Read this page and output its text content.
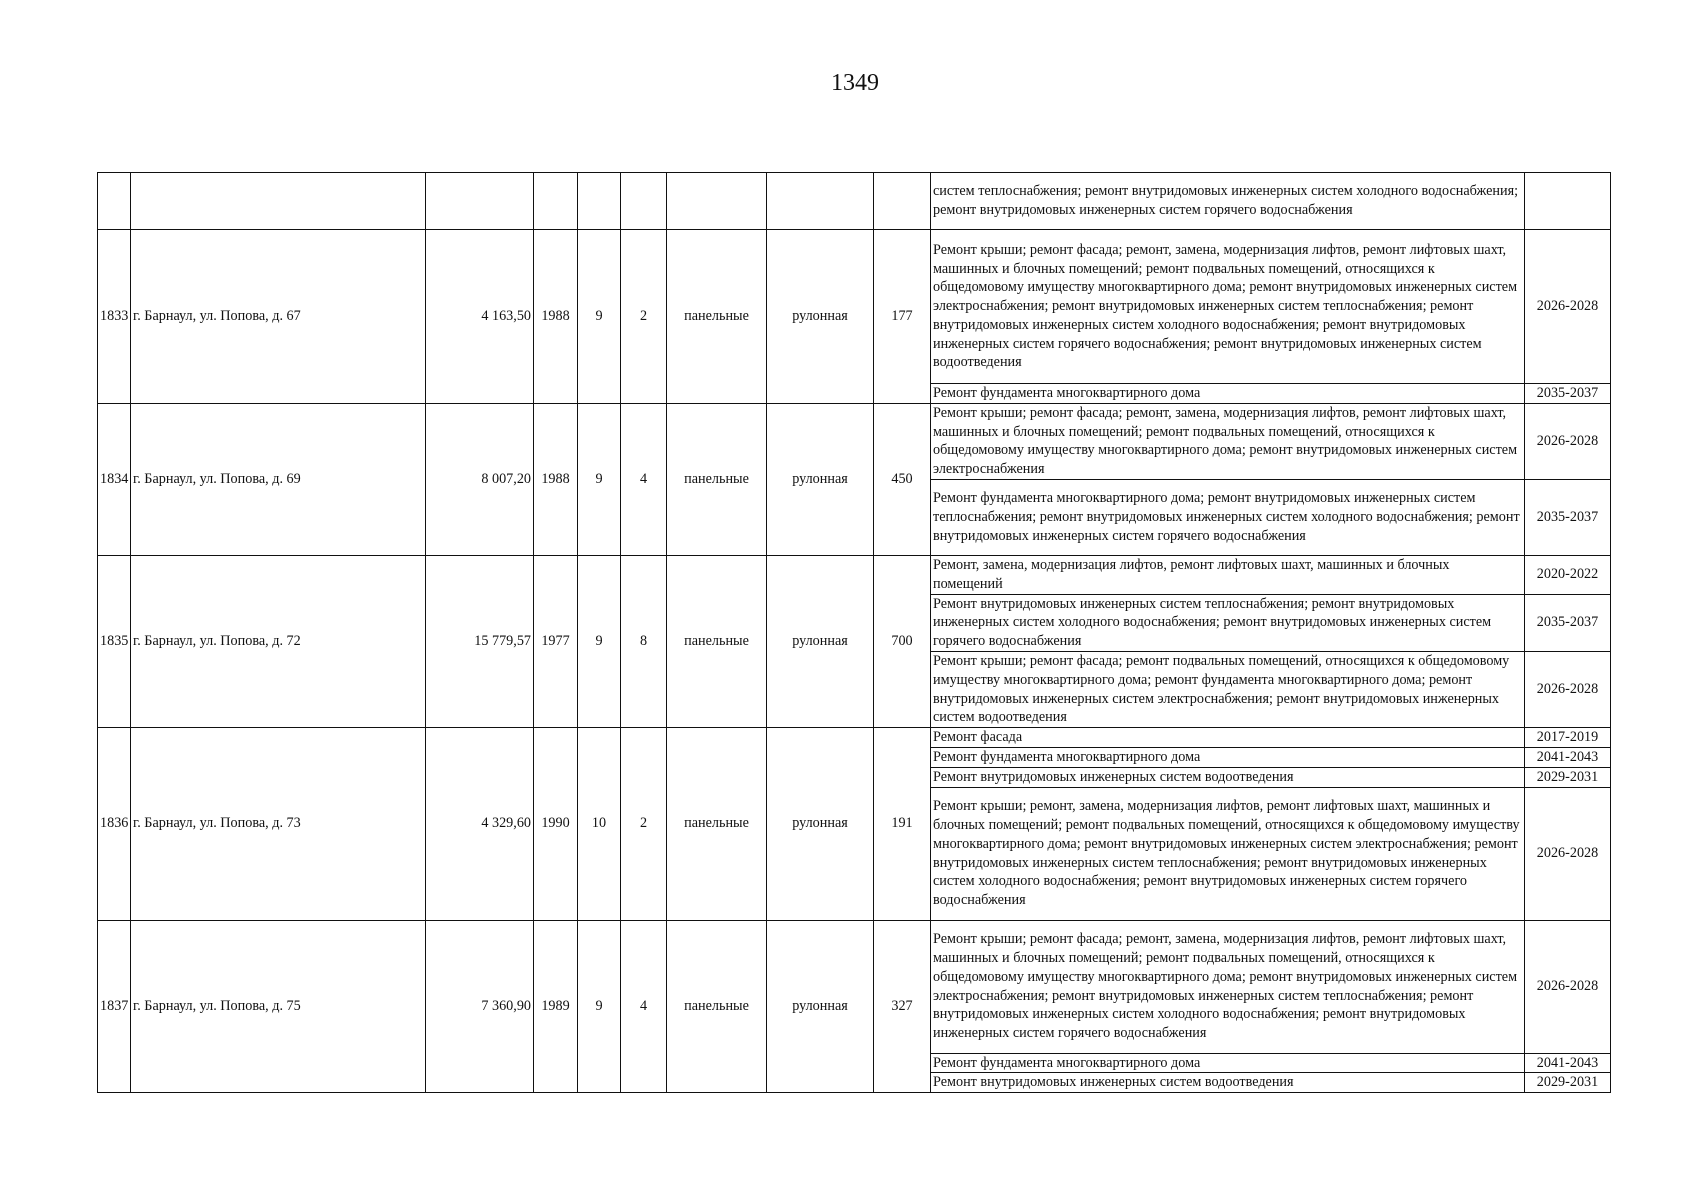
1349
									систем теплоснабжения; ремонт внутридомовых инженерных систем холодного водоснабжения; ремонт внутридомовых инженерных систем горячего водоснабжения	
1833	г. Барнаул, ул. Попова, д. 67	4 163,50	1988	9	2	панельные	рулонная	177	Ремонт крыши; ремонт фасада; ремонт, замена, модернизация лифтов, ремонт лифтовых шахт, машинных и блочных помещений; ремонт подвальных помещений, относящихся к общедомовому имуществу многоквартирного дома; ремонт внутридомовых инженерных систем электроснабжения; ремонт внутридомовых инженерных систем теплоснабжения; ремонт внутридомовых инженерных систем холодного водоснабжения; ремонт внутридомовых инженерных систем горячего водоснабжения; ремонт внутридомовых инженерных систем водоотведения	2026-2028
									Ремонт фундамента многоквартирного дома	2035-2037
1834	г. Барнаул, ул. Попова, д. 69	8 007,20	1988	9	4	панельные	рулонная	450	Ремонт крыши; ремонт фасада; ремонт, замена, модернизация лифтов, ремонт лифтовых шахт, машинных и блочных помещений; ремонт подвальных помещений, относящихся к общедомовому имуществу многоквартирного дома; ремонт внутридомовых инженерных систем электроснабжения	2026-2028
									Ремонт фундамента многоквартирного дома; ремонт внутридомовых инженерных систем теплоснабжения; ремонт внутридомовых инженерных систем холодного водоснабжения; ремонт внутридомовых инженерных систем горячего водоснабжения	2035-2037
1835	г. Барнаул, ул. Попова, д. 72	15 779,57	1977	9	8	панельные	рулонная	700	Ремонт, замена, модернизация лифтов, ремонт лифтовых шахт, машинных и блочных помещений	2020-2022
									Ремонт внутридомовых инженерных систем теплоснабжения; ремонт внутридомовых инженерных систем холодного водоснабжения; ремонт внутридомовых инженерных систем горячего водоснабжения	2035-2037
									Ремонт крыши; ремонт фасада; ремонт подвальных помещений, относящихся к общедомовому имуществу многоквартирного дома; ремонт фундамента многоквартирного дома; ремонт внутридомовых инженерных систем электроснабжения; ремонт внутридомовых инженерных систем водоотведения	2026-2028
1836	г. Барнаул, ул. Попова, д. 73	4 329,60	1990	10	2	панельные	рулонная	191	Ремонт фасада	2017-2019
									Ремонт фундамента многоквартирного дома	2041-2043
									Ремонт внутридомовых инженерных систем водоотведения	2029-2031
									Ремонт крыши; ремонт, замена, модернизация лифтов, ремонт лифтовых шахт, машинных и блочных помещений; ремонт подвальных помещений, относящихся к общедомовому имуществу многоквартирного дома; ремонт внутридомовых инженерных систем электроснабжения; ремонт внутридомовых инженерных систем теплоснабжения; ремонт внутридомовых инженерных систем холодного водоснабжения; ремонт внутридомовых инженерных систем горячего водоснабжения	2026-2028
1837	г. Барнаул, ул. Попова, д. 75	7 360,90	1989	9	4	панельные	рулонная	327	Ремонт крыши; ремонт фасада; ремонт, замена, модернизация лифтов, ремонт лифтовых шахт, машинных и блочных помещений; ремонт подвальных помещений, относящихся к общедомовому имуществу многоквартирного дома; ремонт внутридомовых инженерных систем электроснабжения; ремонт внутридомовых инженерных систем теплоснабжения; ремонт внутридомовых инженерных систем холодного водоснабжения; ремонт внутридомовых инженерных систем горячего водоснабжения	2026-2028
									Ремонт фундамента многоквартирного дома	2041-2043
									Ремонт внутридомовых инженерных систем водоотведения	2029-2031
